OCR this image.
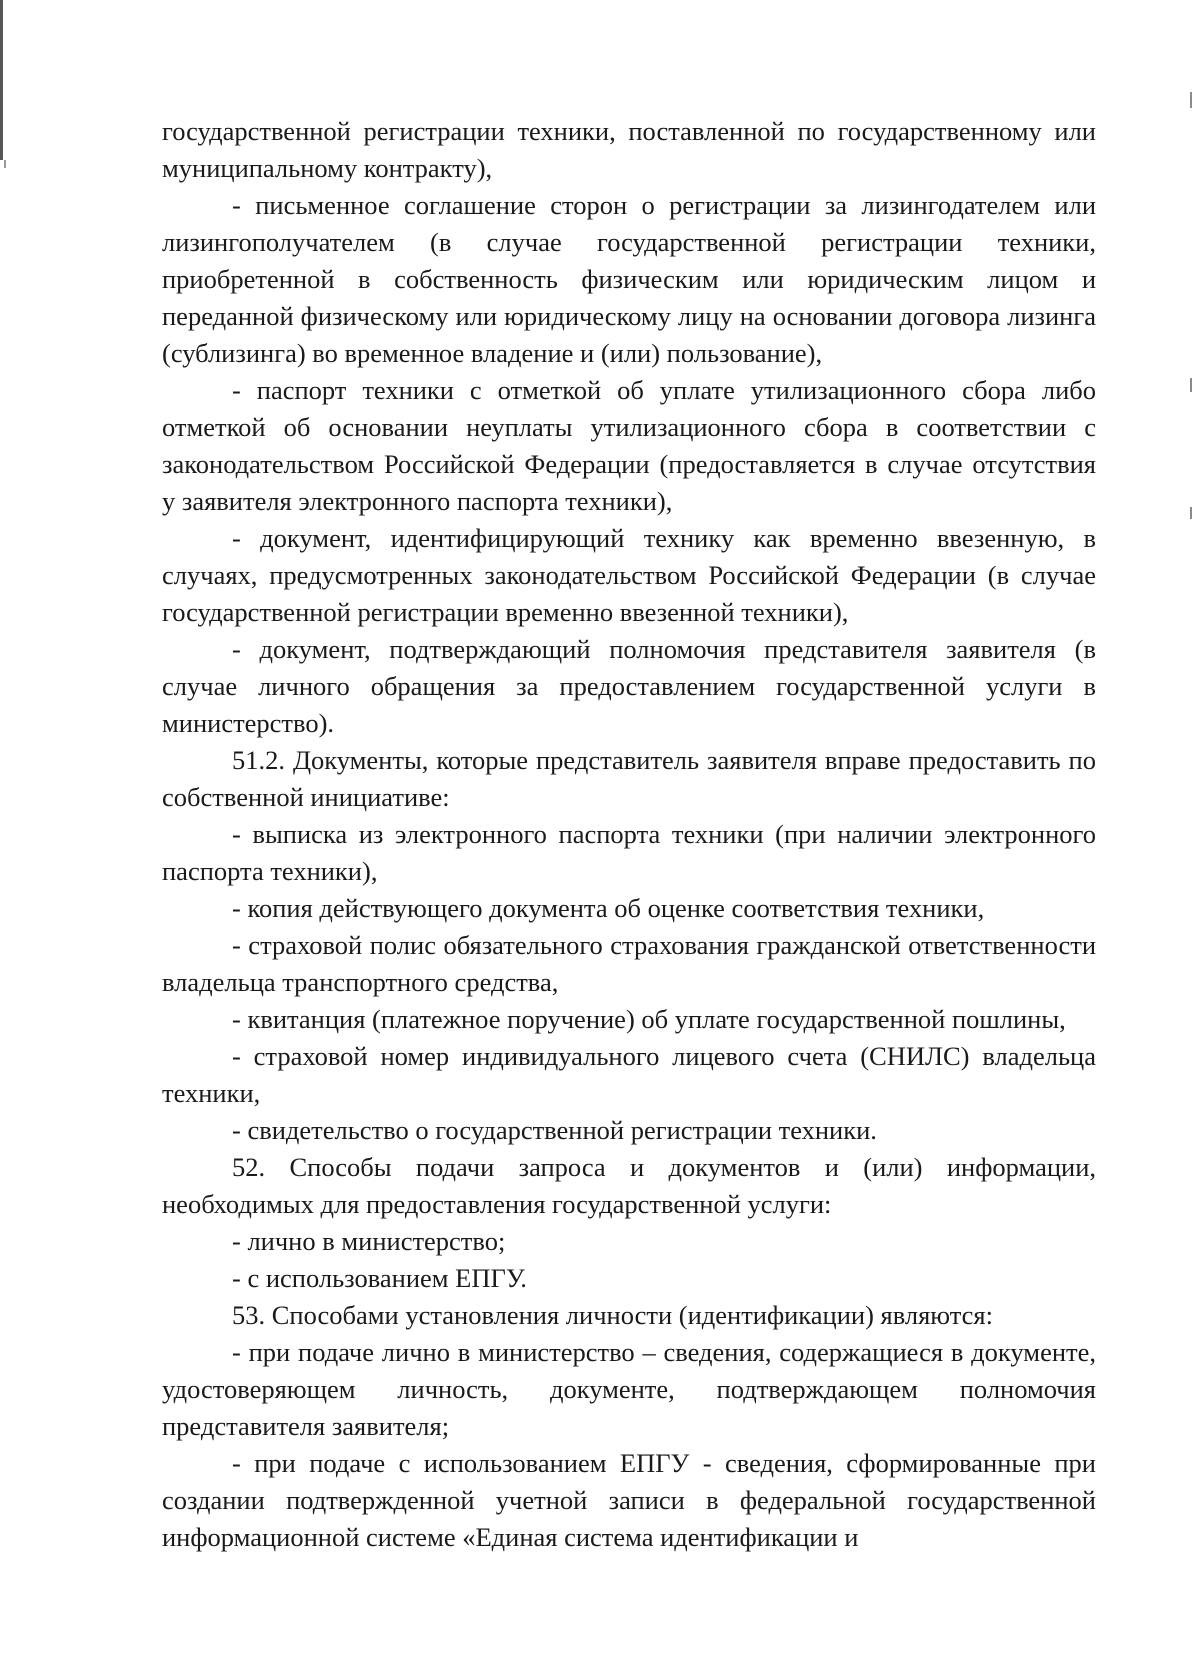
государственной регистрации техники, поставленной по государственному или муниципальному контракту),

- письменное соглашение сторон о регистрации за лизингодателем или лизингополучателем (в случае государственной регистрации техники, приобретенной в собственность физическим или юридическим лицом и переданной физическому или юридическому лицу на основании договора лизинга (сублизинга) во временное владение и (или) пользование),

- паспорт техники с отметкой об уплате утилизационного сбора либо отметкой об основании неуплаты утилизационного сбора в соответствии с законодательством Российской Федерации (предоставляется в случае отсутствия у заявителя электронного паспорта техники),

- документ, идентифицирующий технику как временно ввезенную, в случаях, предусмотренных законодательством Российской Федерации (в случае государственной регистрации временно ввезенной техники),

- документ, подтверждающий полномочия представителя заявителя (в случае личного обращения за предоставлением государственной услуги в министерство).

51.2. Документы, которые представитель заявителя вправе предоставить по собственной инициативе:

- выписка из электронного паспорта техники (при наличии электронного паспорта техники),

- копия действующего документа об оценке соответствия техники,

- страховой полис обязательного страхования гражданской ответственности владельца транспортного средства,

- квитанция (платежное поручение) об уплате государственной пошлины,

- страховой номер индивидуального лицевого счета (СНИЛС) владельца техники,

- свидетельство о государственной регистрации техники.

52. Способы подачи запроса и документов и (или) информации, необходимых для предоставления государственной услуги:

- лично в министерство;

- с использованием ЕПГУ.

53. Способами установления личности (идентификации) являются:

- при подаче лично в министерство – сведения, содержащиеся в документе, удостоверяющем личность, документе, подтверждающем полномочия представителя заявителя;

- при подаче с использованием ЕПГУ - сведения, сформированные при создании подтвержденной учетной записи в федеральной государственной информационной системе «Единая система идентификации и
